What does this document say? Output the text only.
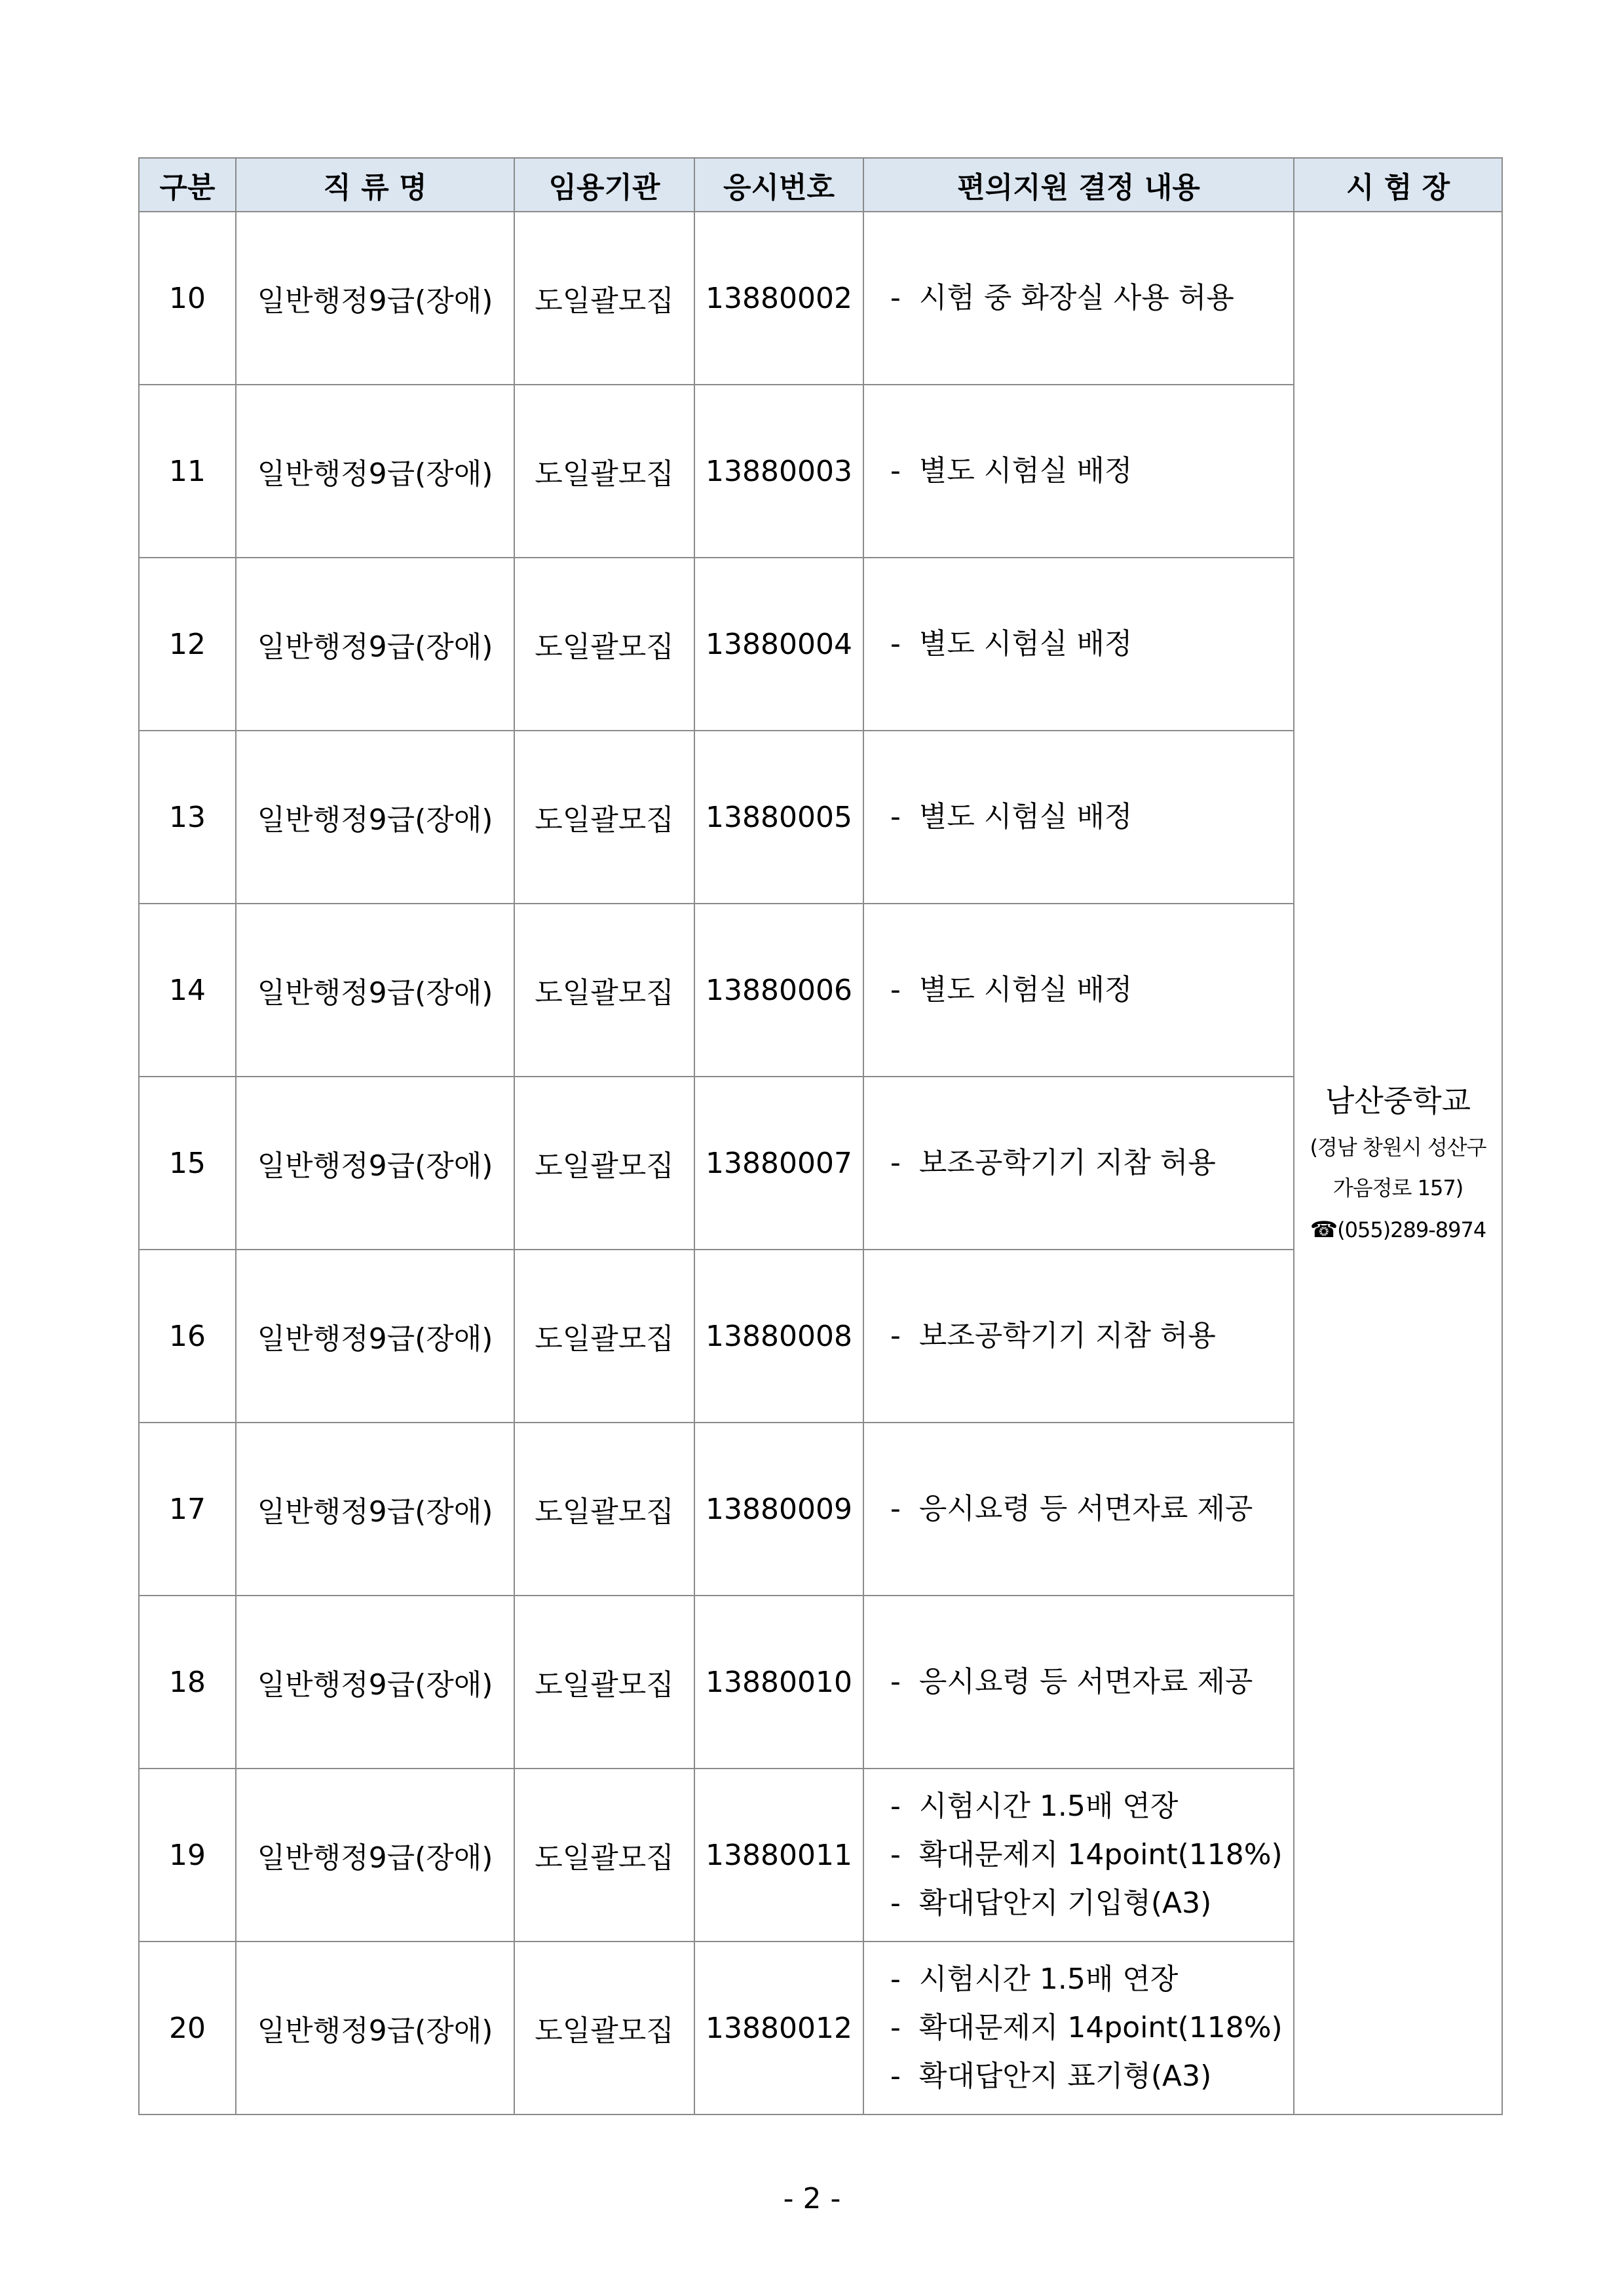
구분	직 류 명	임용기관	응시번호	편의지원 결정 내용	시 험 장
10	일반행정9급(장애)	도일괄모집	13880002	- 시험 중 화장실 사용 허용	남산중학교
(경남 창원시 성산구
가음정로 157)
☎(055)289-8974

11	일반행정9급(장애)	도일괄모집	13880003	- 별도 시험실 배정

12	일반행정9급(장애)	도일괄모집	13880004	- 별도 시험실 배정

13	일반행정9급(장애)	도일괄모집	13880005	- 별도 시험실 배정

14	일반행정9급(장애)	도일괄모집	13880006	- 별도 시험실 배정

15	일반행정9급(장애)	도일괄모집	13880007	- 보조공학기기 지참 허용

16	일반행정9급(장애)	도일괄모집	13880008	- 보조공학기기 지참 허용

17	일반행정9급(장애)	도일괄모집	13880009	- 응시요령 등 서면자료 제공

18	일반행정9급(장애)	도일괄모집	13880010	- 응시요령 등 서면자료 제공

19	일반행정9급(장애)	도일괄모집	13880011	- 시험시간 1.5배 연장
- 확대문제지 14point(118%)
- 확대답안지 기입형(A3)

20	일반행정9급(장애)	도일괄모집	13880012	- 시험시간 1.5배 연장
- 확대문제지 14point(118%)
- 확대답안지 표기형(A3)
- 2 -
